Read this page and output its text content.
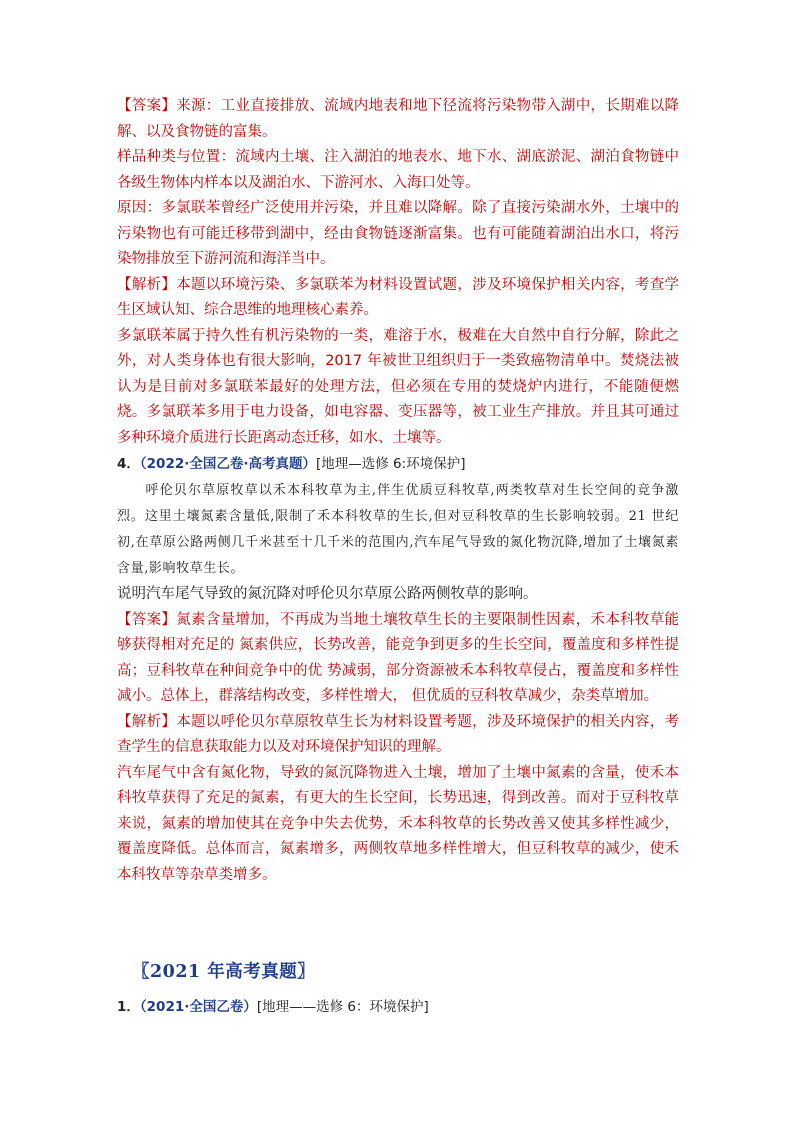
【答案】来源：工业直接排放、流域内地表和地下径流将污染物带入湖中，长期难以降解、以及食物链的富集。

样品种类与位置：流域内土壤、注入湖泊的地表水、地下水、湖底淤泥、湖泊食物链中各级生物体内样本以及湖泊水、下游河水、入海口处等。

原因：多氯联苯曾经广泛使用并污染，并且难以降解。除了直接污染湖水外，土壤中的污染物也有可能迁移带到湖中，经由食物链逐渐富集。也有可能随着湖泊出水口，将污染物排放至下游河流和海洋当中。

【解析】本题以环境污染、多氯联苯为材料设置试题，涉及环境保护相关内容，考查学生区域认知、综合思维的地理核心素养。

多氯联苯属于持久性有机污染物的一类，难溶于水，极难在大自然中自行分解，除此之外，对人类身体也有很大影响，2017 年被世卫组织归于一类致癌物清单中。焚烧法被认为是目前对多氯联苯最好的处理方法，但必须在专用的焚烧炉内进行，不能随便燃烧。多氯联苯多用于电力设备，如电容器、变压器等，被工业生产排放。并且其可通过多种环境介质进行长距离动态迁移，如水、土壤等。

4．（2022·全国乙卷·高考真题）[地理—选修 6:环境保护]

呼伦贝尔草原牧草以禾本科牧草为主,伴生优质豆科牧草,两类牧草对生长空间的竞争激烈。这里土壤氮素含量低,限制了禾本科牧草的生长,但对豆科牧草的生长影响较弱。21 世纪初,在草原公路两侧几千米甚至十几千米的范围内,汽车尾气导致的氮化物沉降,增加了土壤氮素含量,影响牧草生长。

说明汽车尾气导致的氮沉降对呼伦贝尔草原公路两侧牧草的影响。

【答案】氮素含量增加，不再成为当地土壤牧草生长的主要限制性因素，禾本科牧草能够获得相对充足的 氮素供应，长势改善，能竞争到更多的生长空间，覆盖度和多样性提高；豆科牧草在种间竞争中的优 势减弱，部分资源被禾本科牧草侵占，覆盖度和多样性减小。总体上，群落结构改变，多样性增大， 但优质的豆科牧草减少，杂类草增加。

【解析】本题以呼伦贝尔草原牧草生长为材料设置考题，涉及环境保护的相关内容，考查学生的信息获取能力以及对环境保护知识的理解。

汽车尾气中含有氮化物，导致的氮沉降物进入土壤，增加了土壤中氮素的含量，使禾本科牧草获得了充足的氮素，有更大的生长空间，长势迅速，得到改善。而对于豆科牧草来说，氮素的增加使其在竞争中失去优势，禾本科牧草的长势改善又使其多样性减少，覆盖度降低。总体而言，氮素增多，两侧牧草地多样性增大，但豆科牧草的减少，使禾本科牧草等杂草类增多。

〖2021 年高考真题〗

1．（2021·全国乙卷）[地理——选修 6：环境保护]
